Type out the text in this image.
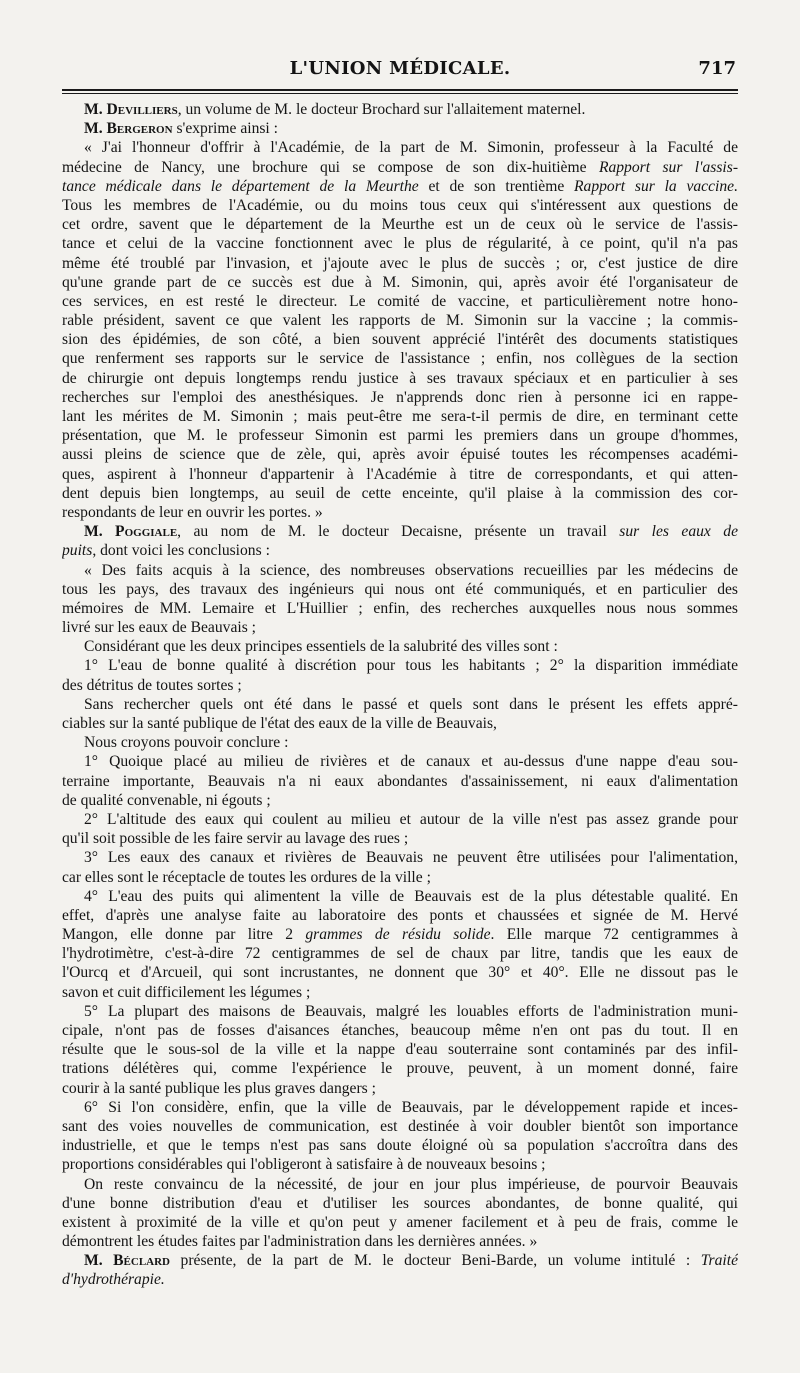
L'UNION MÉDICALE.	717
M. Devilliers, un volume de M. le docteur Brochard sur l'allaitement maternel.
M. Bergeron s'exprime ainsi :
« J'ai l'honneur d'offrir à l'Académie, de la part de M. Simonin, professeur à la Faculté de
médecine de Nancy, une brochure qui se compose de son dix-huitième Rapport sur l'assis-
tance médicale dans le département de la Meurthe et de son trentième Rapport sur la vaccine.
Tous les membres de l'Académie, ou du moins tous ceux qui s'intéressent aux questions de
cet ordre, savent que le département de la Meurthe est un de ceux où le service de l'assis-
tance et celui de la vaccine fonctionnent avec le plus de régularité, à ce point, qu'il n'a pas
même été troublé par l'invasion, et j'ajoute avec le plus de succès ; or, c'est justice de dire
qu'une grande part de ce succès est due à M. Simonin, qui, après avoir été l'organisateur de
ces services, en est resté le directeur. Le comité de vaccine, et particulièrement notre hono-
rable président, savent ce que valent les rapports de M. Simonin sur la vaccine ; la commis-
sion des épidémies, de son côté, a bien souvent apprécié l'intérêt des documents statistiques
que renferment ses rapports sur le service de l'assistance ; enfin, nos collègues de la section
de chirurgie ont depuis longtemps rendu justice à ses travaux spéciaux et en particulier à ses
recherches sur l'emploi des anesthésiques. Je n'apprends donc rien à personne ici en rappe-
lant les mérites de M. Simonin ; mais peut-être me sera-t-il permis de dire, en terminant cette
présentation, que M. le professeur Simonin est parmi les premiers dans un groupe d'hommes,
aussi pleins de science que de zèle, qui, après avoir épuisé toutes les récompenses académi-
ques, aspirent à l'honneur d'appartenir à l'Académie à titre de correspondants, et qui atten-
dent depuis bien longtemps, au seuil de cette enceinte, qu'il plaise à la commission des cor-
respondants de leur en ouvrir les portes. »
M. Poggiale, au nom de M. le docteur Decaisne, présente un travail sur les eaux de
puits, dont voici les conclusions :
« Des faits acquis à la science, des nombreuses observations recueillies par les médecins de
tous les pays, des travaux des ingénieurs qui nous ont été communiqués, et en particulier des
mémoires de MM. Lemaire et L'Huillier ; enfin, des recherches auxquelles nous nous sommes
livré sur les eaux de Beauvais ;
Considérant que les deux principes essentiels de la salubrité des villes sont :
1° L'eau de bonne qualité à discrétion pour tous les habitants ; 2° la disparition immédiate
des détritus de toutes sortes ;
Sans rechercher quels ont été dans le passé et quels sont dans le présent les effets appré-
ciables sur la santé publique de l'état des eaux de la ville de Beauvais,
Nous croyons pouvoir conclure :
1° Quoique placé au milieu de rivières et de canaux et au-dessus d'une nappe d'eau sou-
terraine importante, Beauvais n'a ni eaux abondantes d'assainissement, ni eaux d'alimentation
de qualité convenable, ni égouts ;
2° L'altitude des eaux qui coulent au milieu et autour de la ville n'est pas assez grande pour
qu'il soit possible de les faire servir au lavage des rues ;
3° Les eaux des canaux et rivières de Beauvais ne peuvent être utilisées pour l'alimentation,
car elles sont le réceptacle de toutes les ordures de la ville ;
4° L'eau des puits qui alimentent la ville de Beauvais est de la plus détestable qualité. En
effet, d'après une analyse faite au laboratoire des ponts et chaussées et signée de M. Hervé
Mangon, elle donne par litre 2 grammes de résidu solide. Elle marque 72 centigrammes à
l'hydrotimètre, c'est-à-dire 72 centigrammes de sel de chaux par litre, tandis que les eaux de
l'Ourcq et d'Arcueil, qui sont incrustantes, ne donnent que 30° et 40°. Elle ne dissout pas le
savon et cuit difficilement les légumes ;
5° La plupart des maisons de Beauvais, malgré les louables efforts de l'administration muni-
cipale, n'ont pas de fosses d'aisances étanches, beaucoup même n'en ont pas du tout. Il en
résulte que le sous-sol de la ville et la nappe d'eau souterraine sont contaminés par des infil-
trations délétères qui, comme l'expérience le prouve, peuvent, à un moment donné, faire
courir à la santé publique les plus graves dangers ;
6° Si l'on considère, enfin, que la ville de Beauvais, par le développement rapide et inces-
sant des voies nouvelles de communication, est destinée à voir doubler bientôt son importance
industrielle, et que le temps n'est pas sans doute éloigné où sa population s'accroîtra dans des
proportions considérables qui l'obligeront à satisfaire à de nouveaux besoins ;
On reste convaincu de la nécessité, de jour en jour plus impérieuse, de pourvoir Beauvais
d'une bonne distribution d'eau et d'utiliser les sources abondantes, de bonne qualité, qui
existent à proximité de la ville et qu'on peut y amener facilement et à peu de frais, comme le
démontrent les études faites par l'administration dans les dernières années. »
M. Béclard présente, de la part de M. le docteur Beni-Barde, un volume intitulé : Traité
d'hydrothérapie.
